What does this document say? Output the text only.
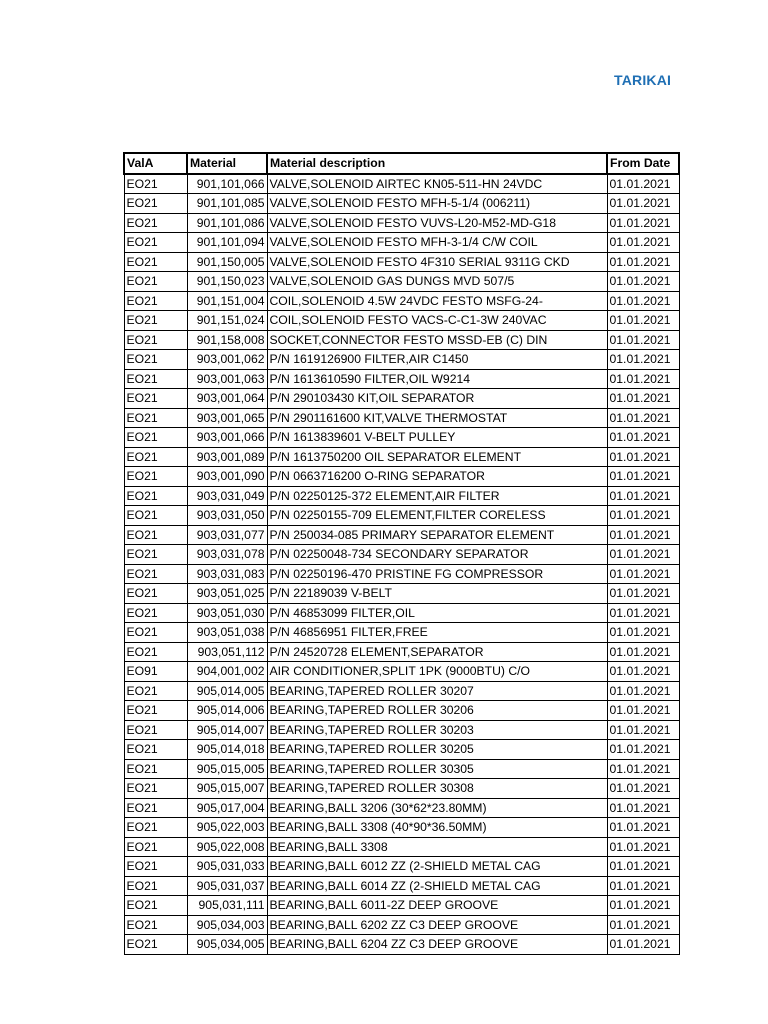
TARIKAI
ValA	Material	Material description	From Date
EO21	901,101,066	VALVE,SOLENOID AIRTEC KN05-511-HN 24VDC	01.01.2021
EO21	901,101,085	VALVE,SOLENOID FESTO MFH-5-1/4 (006211)	01.01.2021
EO21	901,101,086	VALVE,SOLENOID FESTO VUVS-L20-M52-MD-G18	01.01.2021
EO21	901,101,094	VALVE,SOLENOID FESTO MFH-3-1/4 C/W COIL	01.01.2021
EO21	901,150,005	VALVE,SOLENOID FESTO 4F310 SERIAL 9311G CKD	01.01.2021
EO21	901,150,023	VALVE,SOLENOID GAS DUNGS MVD 507/5	01.01.2021
EO21	901,151,004	COIL,SOLENOID 4.5W 24VDC FESTO MSFG-24-	01.01.2021
EO21	901,151,024	COIL,SOLENOID FESTO VACS-C-C1-3W 240VAC	01.01.2021
EO21	901,158,008	SOCKET,CONNECTOR FESTO MSSD-EB (C) DIN	01.01.2021
EO21	903,001,062	P/N 1619126900 FILTER,AIR C1450	01.01.2021
EO21	903,001,063	P/N 1613610590 FILTER,OIL W9214	01.01.2021
EO21	903,001,064	P/N 290103430 KIT,OIL SEPARATOR	01.01.2021
EO21	903,001,065	P/N 2901161600 KIT,VALVE THERMOSTAT	01.01.2021
EO21	903,001,066	P/N 1613839601 V-BELT PULLEY	01.01.2021
EO21	903,001,089	P/N 1613750200 OIL SEPARATOR ELEMENT	01.01.2021
EO21	903,001,090	P/N 0663716200 O-RING SEPARATOR	01.01.2021
EO21	903,031,049	P/N 02250125-372 ELEMENT,AIR FILTER	01.01.2021
EO21	903,031,050	P/N 02250155-709 ELEMENT,FILTER CORELESS	01.01.2021
EO21	903,031,077	P/N 250034-085 PRIMARY SEPARATOR ELEMENT	01.01.2021
EO21	903,031,078	P/N 02250048-734 SECONDARY SEPARATOR	01.01.2021
EO21	903,031,083	P/N 02250196-470 PRISTINE FG COMPRESSOR	01.01.2021
EO21	903,051,025	P/N 22189039 V-BELT	01.01.2021
EO21	903,051,030	P/N 46853099 FILTER,OIL	01.01.2021
EO21	903,051,038	P/N 46856951 FILTER,FREE	01.01.2021
EO21	903,051,112	P/N 24520728 ELEMENT,SEPARATOR	01.01.2021
EO91	904,001,002	AIR CONDITIONER,SPLIT 1PK (9000BTU) C/O	01.01.2021
EO21	905,014,005	BEARING,TAPERED ROLLER 30207	01.01.2021
EO21	905,014,006	BEARING,TAPERED ROLLER 30206	01.01.2021
EO21	905,014,007	BEARING,TAPERED ROLLER 30203	01.01.2021
EO21	905,014,018	BEARING,TAPERED ROLLER 30205	01.01.2021
EO21	905,015,005	BEARING,TAPERED ROLLER 30305	01.01.2021
EO21	905,015,007	BEARING,TAPERED ROLLER 30308	01.01.2021
EO21	905,017,004	BEARING,BALL 3206 (30*62*23.80MM)	01.01.2021
EO21	905,022,003	BEARING,BALL 3308 (40*90*36.50MM)	01.01.2021
EO21	905,022,008	BEARING,BALL 3308	01.01.2021
EO21	905,031,033	BEARING,BALL 6012 ZZ (2-SHIELD METAL CAG	01.01.2021
EO21	905,031,037	BEARING,BALL 6014 ZZ (2-SHIELD METAL CAG	01.01.2021
EO21	905,031,111	BEARING,BALL 6011-2Z DEEP GROOVE	01.01.2021
EO21	905,034,003	BEARING,BALL 6202 ZZ C3 DEEP GROOVE	01.01.2021
EO21	905,034,005	BEARING,BALL 6204 ZZ C3 DEEP GROOVE	01.01.2021
